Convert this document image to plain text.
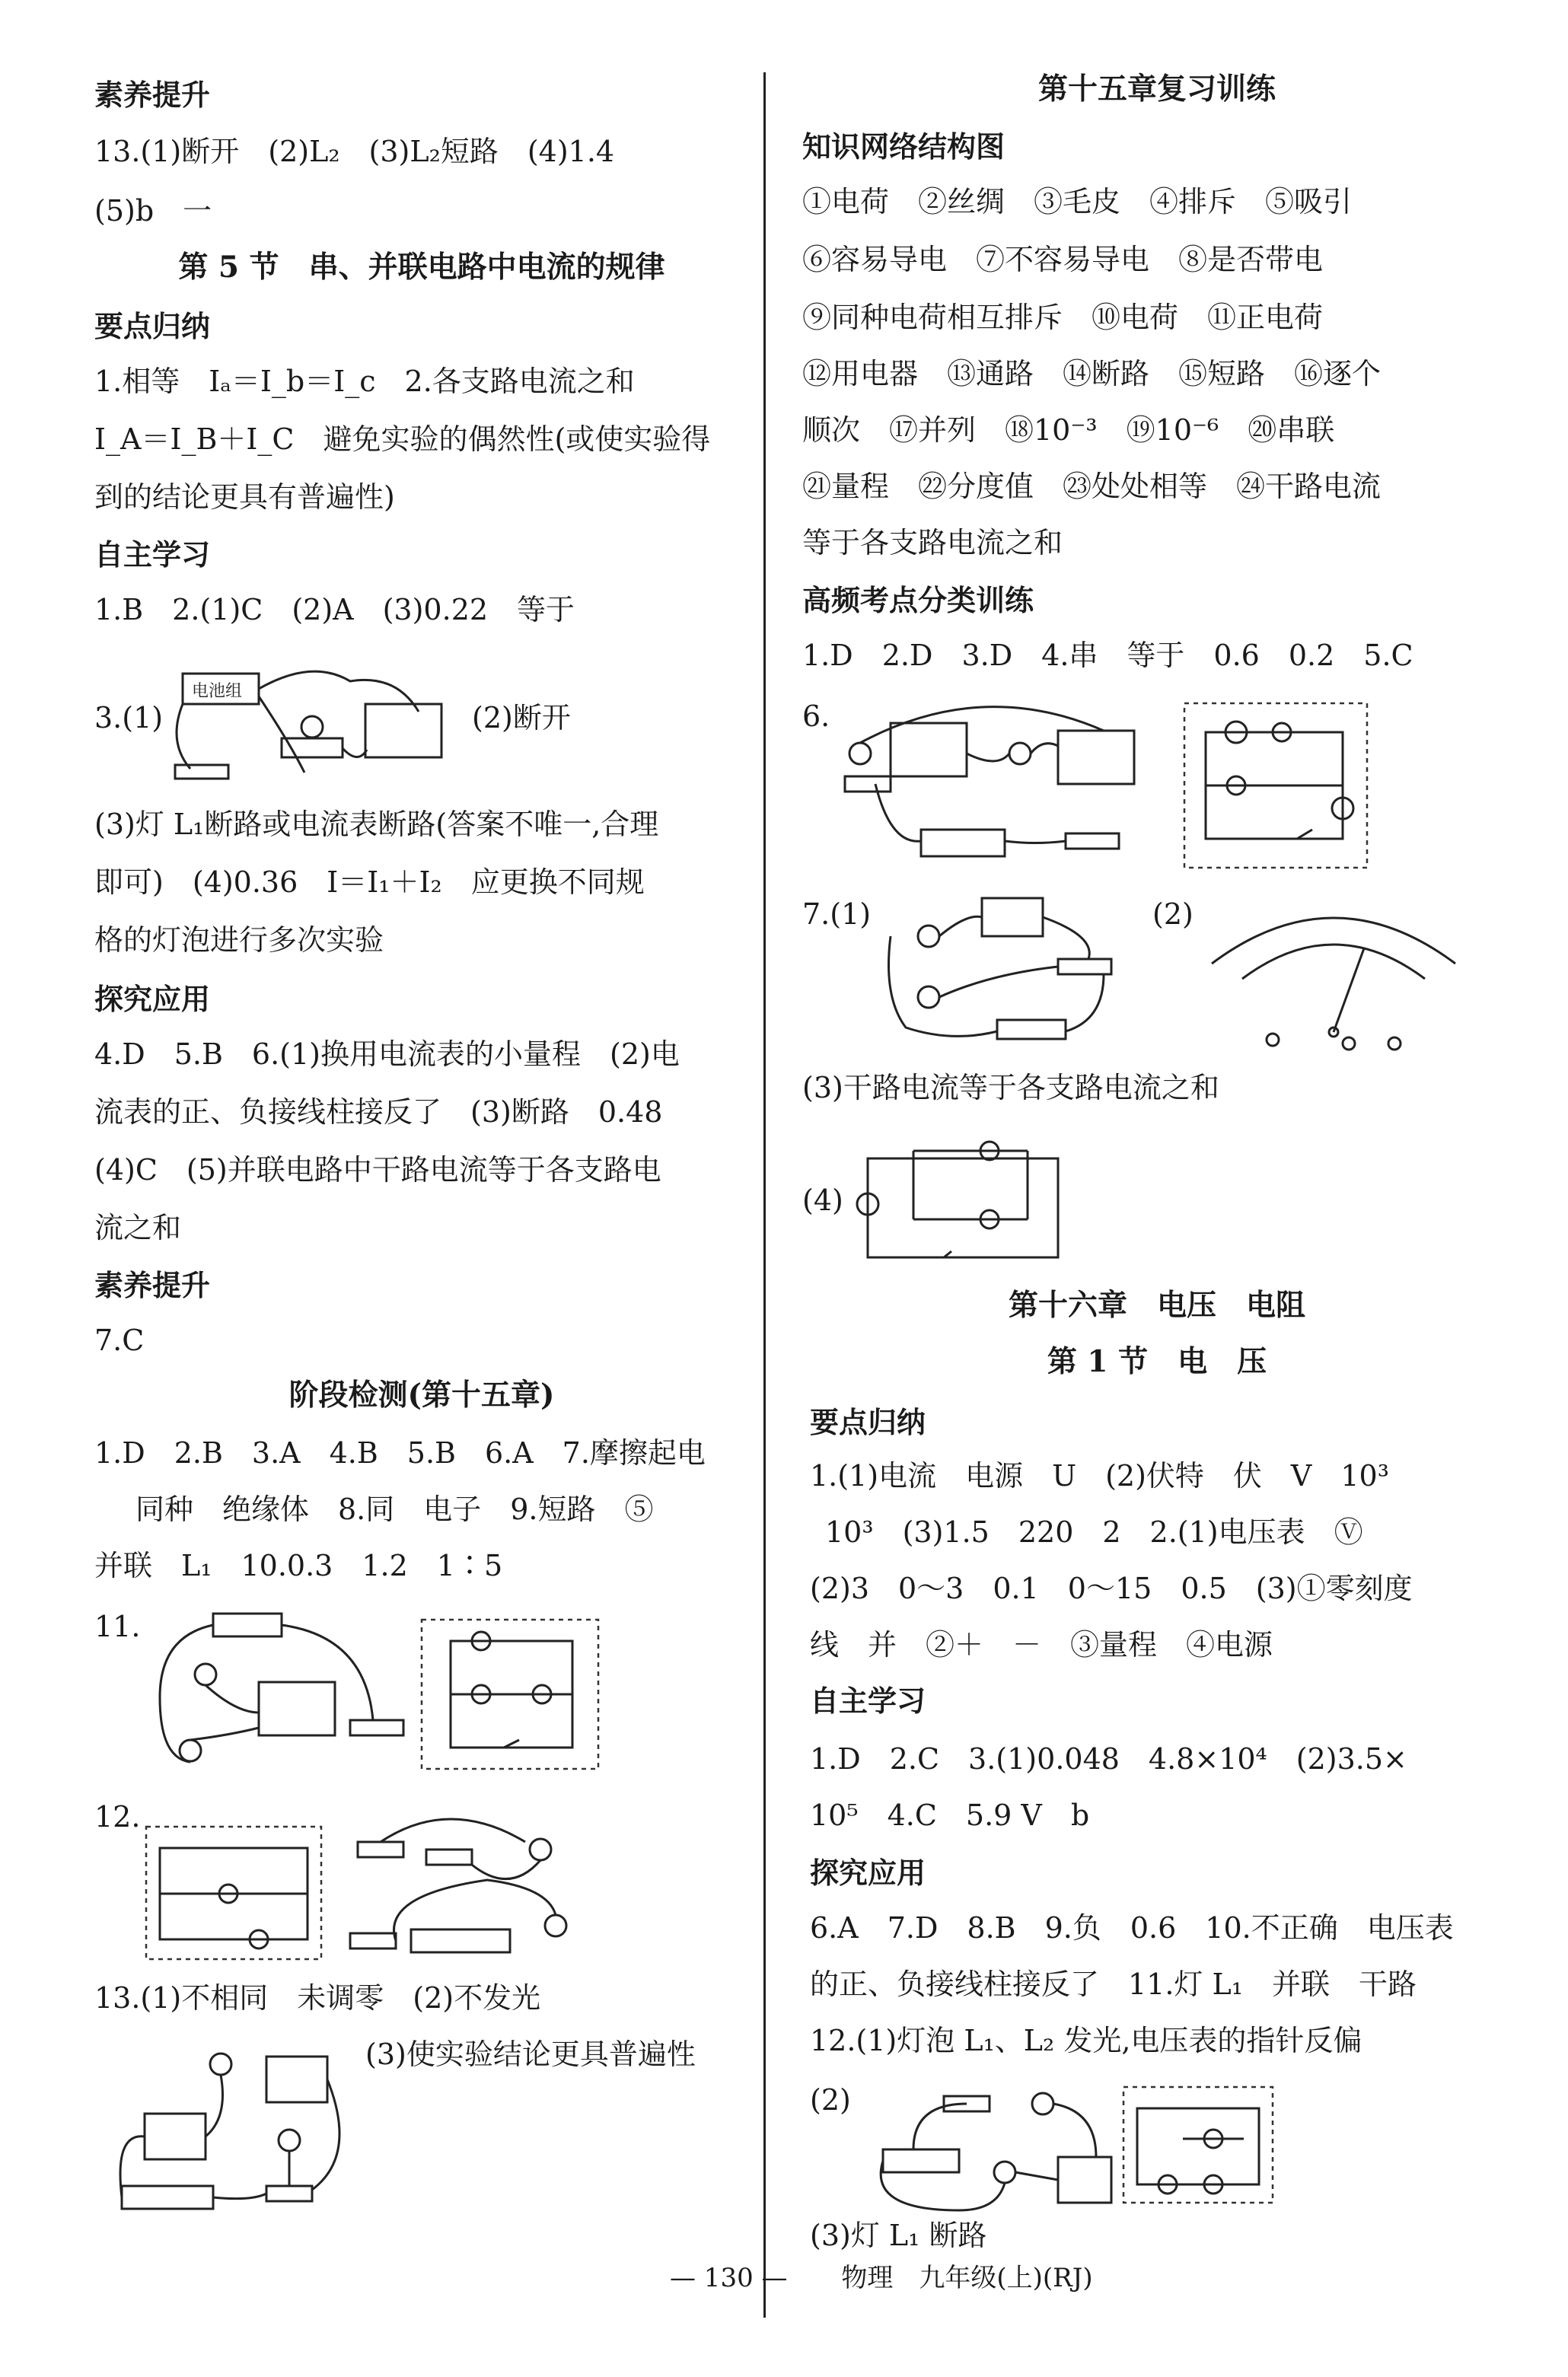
素养提升
13.(1)断开　(2)L₂　(3)L₂短路　(4)1.4
(5)b　一
第 5 节　串、并联电路中电流的规律
要点归纳
1.相等　Iₐ＝I_b＝I_c　2.各支路电流之和
I_A＝I_B＋I_C　避免实验的偶然性(或使实验得
到的结论更具有普遍性)
自主学习
1.B　2.(1)C　(2)A　(3)0.22　等于
3.(1)
电池组
(2)断开
(3)灯 L₁断路或电流表断路(答案不唯一,合理
即可)　(4)0.36　I＝I₁＋I₂　应更换不同规
格的灯泡进行多次实验
探究应用
4.D　5.B　6.(1)换用电流表的小量程　(2)电
流表的正、负接线柱接反了　(3)断路　0.48
(4)C　(5)并联电路中干路电流等于各支路电
流之和
素养提升
7.C
阶段检测(第十五章)
1.D　2.B　3.A　4.B　5.B　6.A　7.摩擦起电
同种　绝缘体　8.同　电子　9.短路　⑤
并联　L₁　10.0.3　1.2　1∶5
11.
12.
13.(1)不相同　未调零　(2)不发光
(3)使实验结论更具普遍性
第十五章复习训练
知识网络结构图
①电荷　②丝绸　③毛皮　④排斥　⑤吸引
⑥容易导电　⑦不容易导电　⑧是否带电
⑨同种电荷相互排斥　⑩电荷　⑪正电荷
⑫用电器　⑬通路　⑭断路　⑮短路　⑯逐个
顺次　⑰并列　⑱10⁻³　⑲10⁻⁶　⑳串联
㉑量程　㉒分度值　㉓处处相等　㉔干路电流
等于各支路电流之和
高频考点分类训练
1.D　2.D　3.D　4.串　等于　0.6　0.2　5.C
6.
7.(1)	(2)
(3)干路电流等于各支路电流之和
(4)
第十六章　电压　电阻
第 1 节　电　压
要点归纳
1.(1)电流　电源　U　(2)伏特　伏　V　10³
10³　(3)1.5　220　2　2.(1)电压表　Ⓥ
(2)3　0～3　0.1　0～15　0.5　(3)①零刻度
线　并　②＋　－　③量程　④电源
自主学习
1.D　2.C　3.(1)0.048　4.8×10⁴　(2)3.5×
10⁵　4.C　5.9 V　b
探究应用
6.A　7.D　8.B　9.负　0.6　10.不正确　电压表
的正、负接线柱接反了　11.灯 L₁　并联　干路
12.(1)灯泡 L₁、L₂ 发光,电压表的指针反偏
(2)
(3)灯 L₁ 断路
— 130 — 物理　九年级(上)(RJ)
